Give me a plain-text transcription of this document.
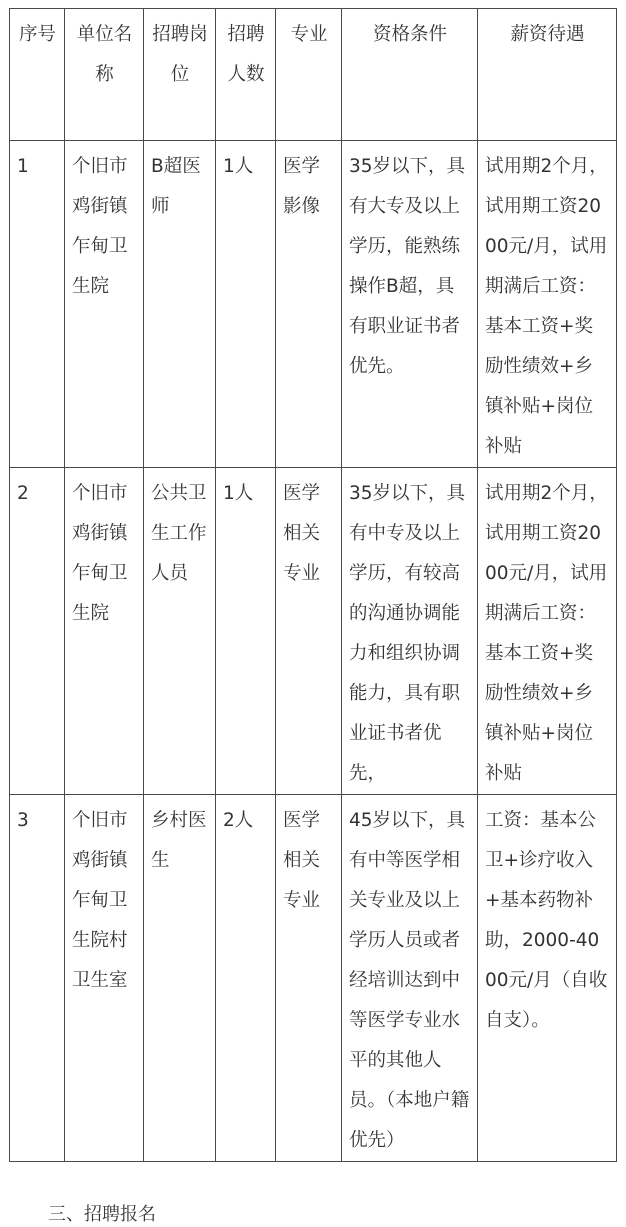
序号	单位名称	招聘岗位	招聘人数	专业	资格条件	薪资待遇
1	个旧市鸡街镇乍甸卫生院	B超医师	1人	医学影像	35岁以下，具有大专及以上学历，能熟练操作B超，具有职业证书者优先。	试用期2个月，试用期工资2000元/月，试用期满后工资：基本工资+奖励性绩效+乡镇补贴+岗位补贴
2	个旧市鸡街镇乍甸卫生院	公共卫生工作人员	1人	医学相关专业	35岁以下，具有中专及以上学历，有较高的沟通协调能力和组织协调能力，具有职业证书者优先，	试用期2个月，试用期工资2000元/月，试用期满后工资：基本工资+奖励性绩效+乡镇补贴+岗位补贴
3	个旧市鸡街镇乍甸卫生院村卫生室	乡村医生	2人	医学相关专业	45岁以下，具有中等医学相关专业及以上学历人员或者经培训达到中等医学专业水平的其他人员。（本地户籍优先）	工资：基本公卫+诊疗收入+基本药物补助，2000-4000元/月（自收自支）。
三、招聘报名
